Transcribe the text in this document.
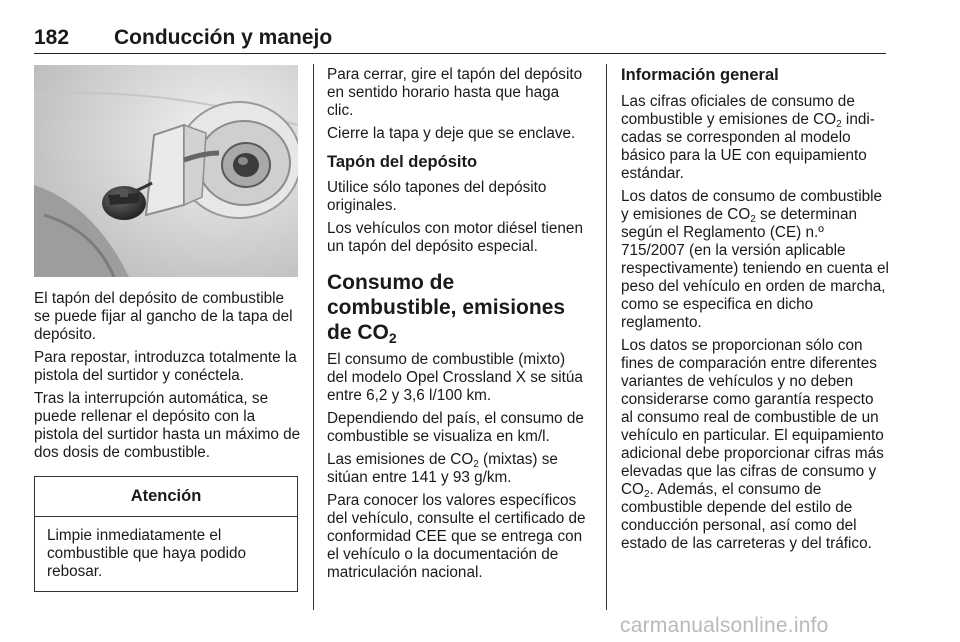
182 Conducción y manejo

El tapón del depósito de combustible se puede fijar al gancho de la tapa del depósito.

Para repostar, introduzca totalmente la pistola del surtidor y conéctela.

Tras la interrupción automática, se puede rellenar el depósito con la pistola del surtidor hasta un máximo de dos dosis de combustible.

Atención
Limpie inmediatamente el combustible que haya podido rebosar.

Para cerrar, gire el tapón del depósito en sentido horario hasta que haga clic.

Cierre la tapa y deje que se enclave.

Tapón del depósito

Utilice sólo tapones del depósito originales.

Los vehículos con motor diésel tienen un tapón del depósito especial.

Consumo de combustible, emisiones de $CO_2$

El consumo de combustible (mixto) del modelo Opel Crossland X se sitúa entre 6,2 y 3,6 l/100 km.

Dependiendo del país, el consumo de combustible se visualiza en km/l.

Las emisiones de $CO_2$ (mixtas) se sitúan entre 141 y 93 g/km.

Para conocer los valores específicos del vehículo, consulte el certificado de conformidad CEE que se entrega con el vehículo o la documentación de matriculación nacional.

Información general

Las cifras oficiales de consumo de combustible y emisiones de $CO_2$ indicadas se corresponden al modelo básico para la UE con equipamiento estándar.

Los datos de consumo de combustible y emisiones de $CO_2$ se determinan según el Reglamento (CE) n.º 715/2007 (en la versión aplicable respectivamente) teniendo en cuenta el peso del vehículo en orden de marcha, como se especifica en dicho reglamento.

Los datos se proporcionan sólo con fines de comparación entre diferentes variantes de vehículos y no deben considerarse como garantía respecto al consumo real de combustible de un vehículo en particular. El equipamiento adicional debe proporcionar cifras más elevadas que las cifras de consumo y $CO_2$. Además, el consumo de combustible depende del estilo de conducción personal, así como del estado de las carreteras y del tráfico.

carmanualsonline.info
